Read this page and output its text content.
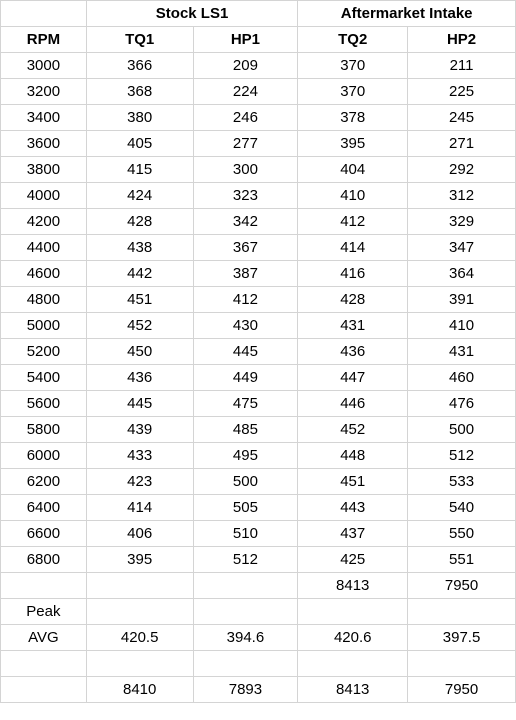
	Stock LS1		Aftermarket Intake	
RPM	TQ1	HP1	TQ2	HP2
3000	366	209	370	211
3200	368	224	370	225
3400	380	246	378	245
3600	405	277	395	271
3800	415	300	404	292
4000	424	323	410	312
4200	428	342	412	329
4400	438	367	414	347
4600	442	387	416	364
4800	451	412	428	391
5000	452	430	431	410
5200	450	445	436	431
5400	436	449	447	460
5600	445	475	446	476
5800	439	485	452	500
6000	433	495	448	512
6200	423	500	451	533
6400	414	505	443	540
6600	406	510	437	550
6800	395	512	425	551
			8413	7950
Peak				
AVG	420.5	394.6	420.6	397.5

	8410	7893	8413	7950
